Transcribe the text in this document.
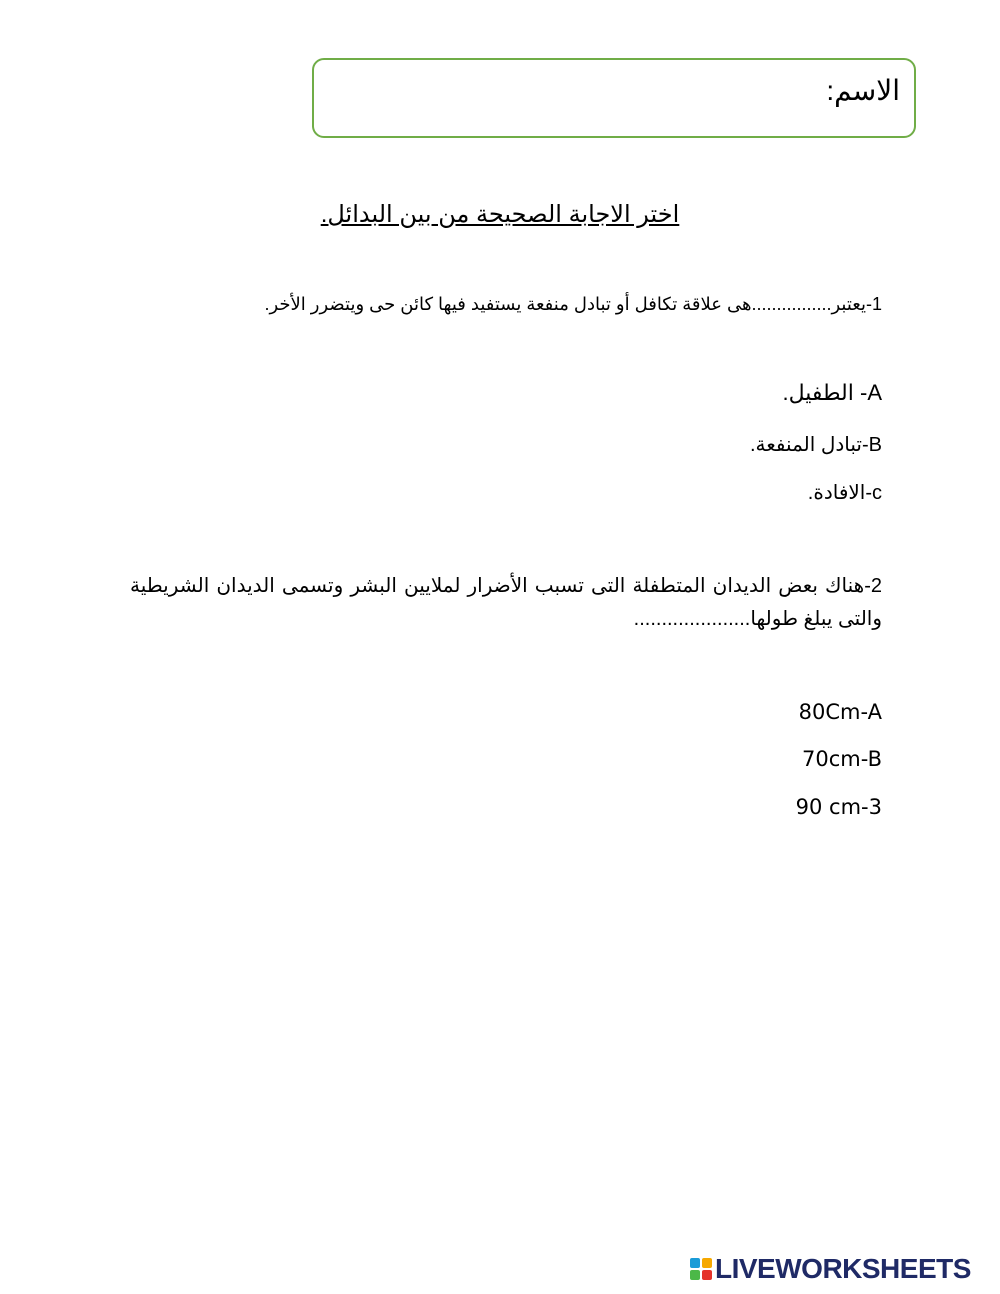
الاسم:
اختر الاجابة الصحيحة من بين البدائل.
1-يعتبر................هى علاقة تكافل أو تبادل منفعة يستفيد فيها كائن حى ويتضرر الأخر.
A- الطفيل.
B-تبادل المنفعة.
c-الافادة.
2-هناك بعض الديدان المتطفلة التى تسبب الأضرار لملايين البشر وتسمى الديدان الشريطية والتى يبلغ طولها.....................
80Cm-A
70cm-B
90 cm-3
LIVEWORKSHEETS
